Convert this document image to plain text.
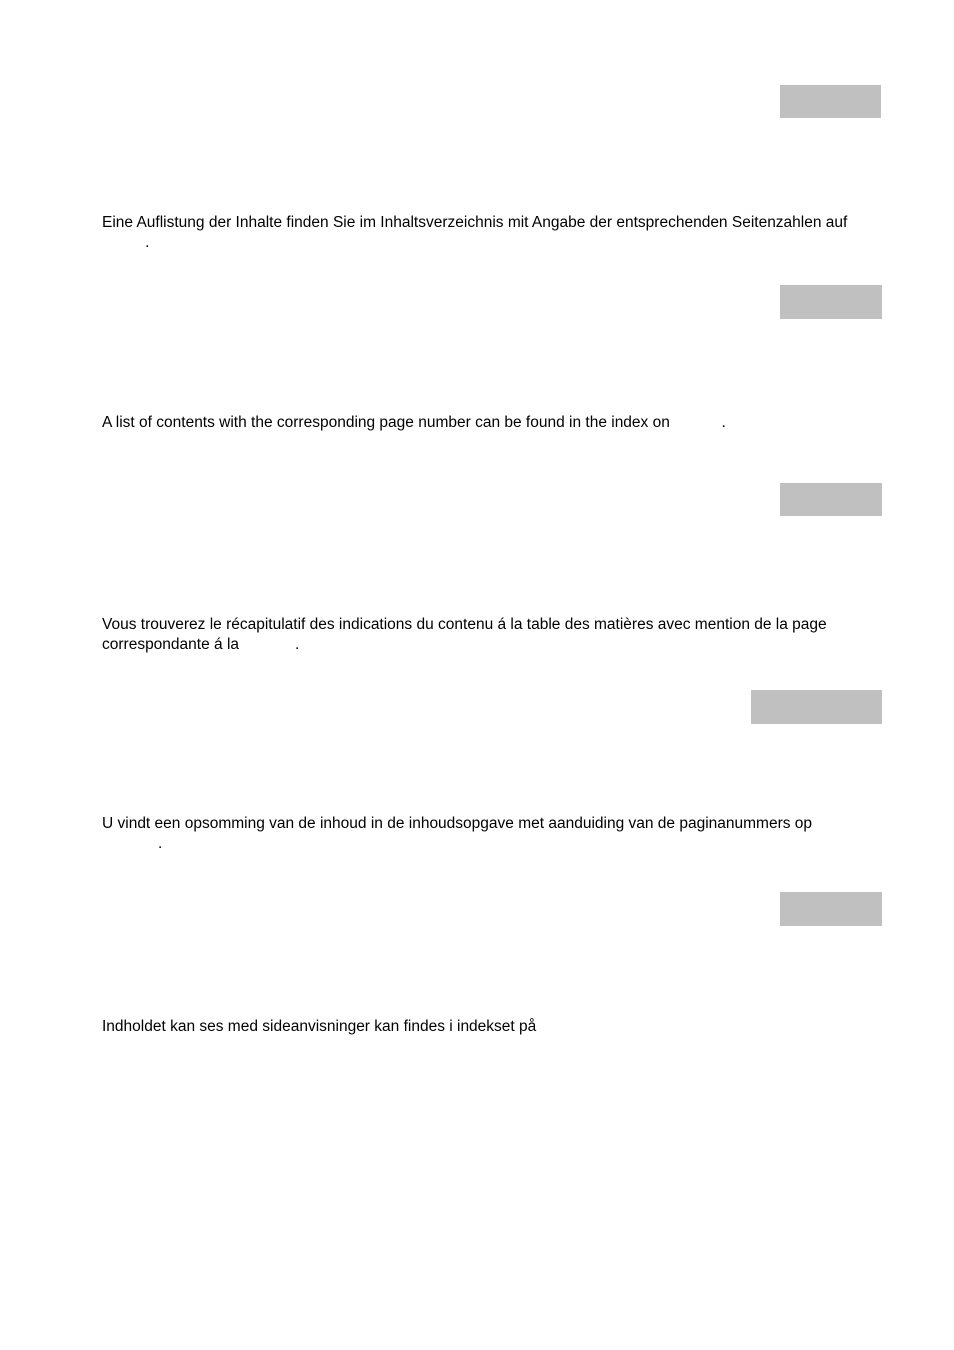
Eine Auflistung der Inhalte finden Sie im Inhaltsverzeichnis mit Angabe der entsprechenden Seitenzahlen auf
.

A list of contents with the corresponding page number can be found in the index on            .

Vous trouverez le récapitulatif des indications du contenu á la table des matières avec mention de la page
correspondante á la             .

U vindt een opsomming van de inhoud in de inhoudsopgave met aanduiding van de paginanummers op
.

Indholdet kan ses med sideanvisninger kan findes i indekset på
